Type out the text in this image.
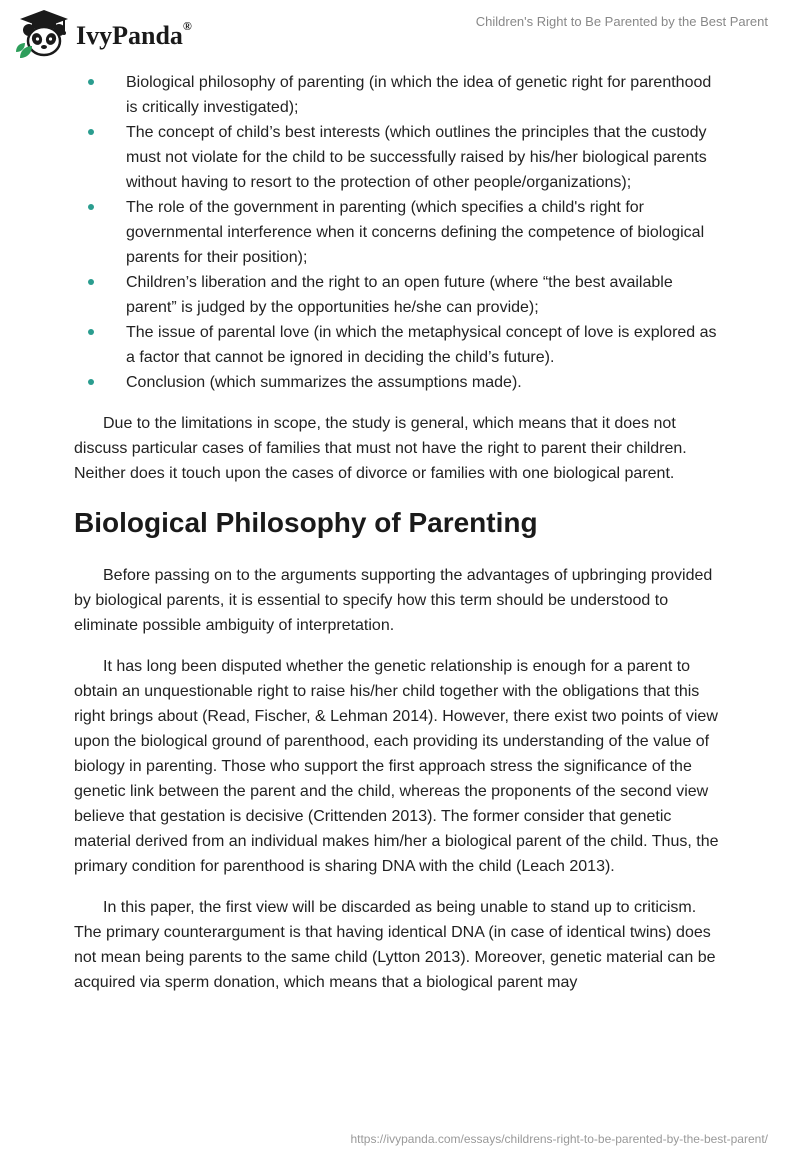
IvyPanda®	Children's Right to Be Parented by the Best Parent
Biological philosophy of parenting (in which the idea of genetic right for parenthood is critically investigated);
The concept of child’s best interests (which outlines the principles that the custody must not violate for the child to be successfully raised by his/her biological parents without having to resort to the protection of other people/organizations);
The role of the government in parenting (which specifies a child's right for governmental interference when it concerns defining the competence of biological parents for their position);
Children’s liberation and the right to an open future (where “the best available parent” is judged by the opportunities he/she can provide);
The issue of parental love (in which the metaphysical concept of love is explored as a factor that cannot be ignored in deciding the child’s future).
Conclusion (which summarizes the assumptions made).

Due to the limitations in scope, the study is general, which means that it does not discuss particular cases of families that must not have the right to parent their children. Neither does it touch upon the cases of divorce or families with one biological parent.

Biological Philosophy of Parenting

Before passing on to the arguments supporting the advantages of upbringing provided by biological parents, it is essential to specify how this term should be understood to eliminate possible ambiguity of interpretation.

It has long been disputed whether the genetic relationship is enough for a parent to obtain an unquestionable right to raise his/her child together with the obligations that this right brings about (Read, Fischer, & Lehman 2014). However, there exist two points of view upon the biological ground of parenthood, each providing its understanding of the value of biology in parenting. Those who support the first approach stress the significance of the genetic link between the parent and the child, whereas the proponents of the second view believe that gestation is decisive (Crittenden 2013). The former consider that genetic material derived from an individual makes him/her a biological parent of the child. Thus, the primary condition for parenthood is sharing DNA with the child (Leach 2013).

In this paper, the first view will be discarded as being unable to stand up to criticism. The primary counterargument is that having identical DNA (in case of identical twins) does not mean being parents to the same child (Lytton 2013). Moreover, genetic material can be acquired via sperm donation, which means that a biological parent may

https://ivypanda.com/essays/childrens-right-to-be-parented-by-the-best-parent/
